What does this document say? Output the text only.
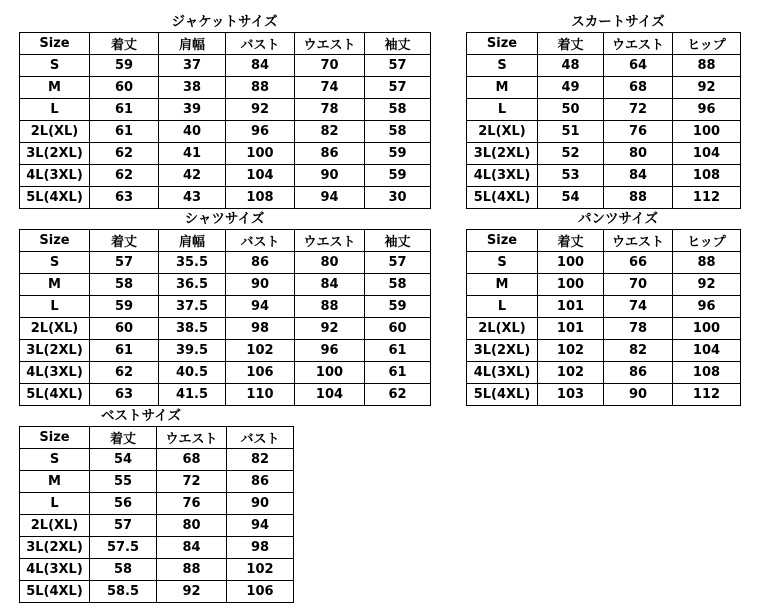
ジャケットサイズ
Size	着丈	肩幅	バスト	ウエスト	袖丈
S	59	37	84	70	57
M	60	38	88	74	57
L	61	39	92	78	58
2L(XL)	61	40	96	82	58
3L(2XL)	62	41	100	86	59
4L(3XL)	62	42	104	90	59
5L(4XL)	63	43	108	94	30
スカートサイズ
Size	着丈	ウエスト	ヒップ
S	48	64	88
M	49	68	92
L	50	72	96
2L(XL)	51	76	100
3L(2XL)	52	80	104
4L(3XL)	53	84	108
5L(4XL)	54	88	112
シャツサイズ
Size	着丈	肩幅	バスト	ウエスト	袖丈
S	57	35.5	86	80	57
M	58	36.5	90	84	58
L	59	37.5	94	88	59
2L(XL)	60	38.5	98	92	60
3L(2XL)	61	39.5	102	96	61
4L(3XL)	62	40.5	106	100	61
5L(4XL)	63	41.5	110	104	62
パンツサイズ
Size	着丈	ウエスト	ヒップ
S	100	66	88
M	100	70	92
L	101	74	96
2L(XL)	101	78	100
3L(2XL)	102	82	104
4L(3XL)	102	86	108
5L(4XL)	103	90	112
ベストサイズ
Size	着丈	ウエスト	バスト
S	54	68	82
M	55	72	86
L	56	76	90
2L(XL)	57	80	94
3L(2XL)	57.5	84	98
4L(3XL)	58	88	102
5L(4XL)	58.5	92	106
